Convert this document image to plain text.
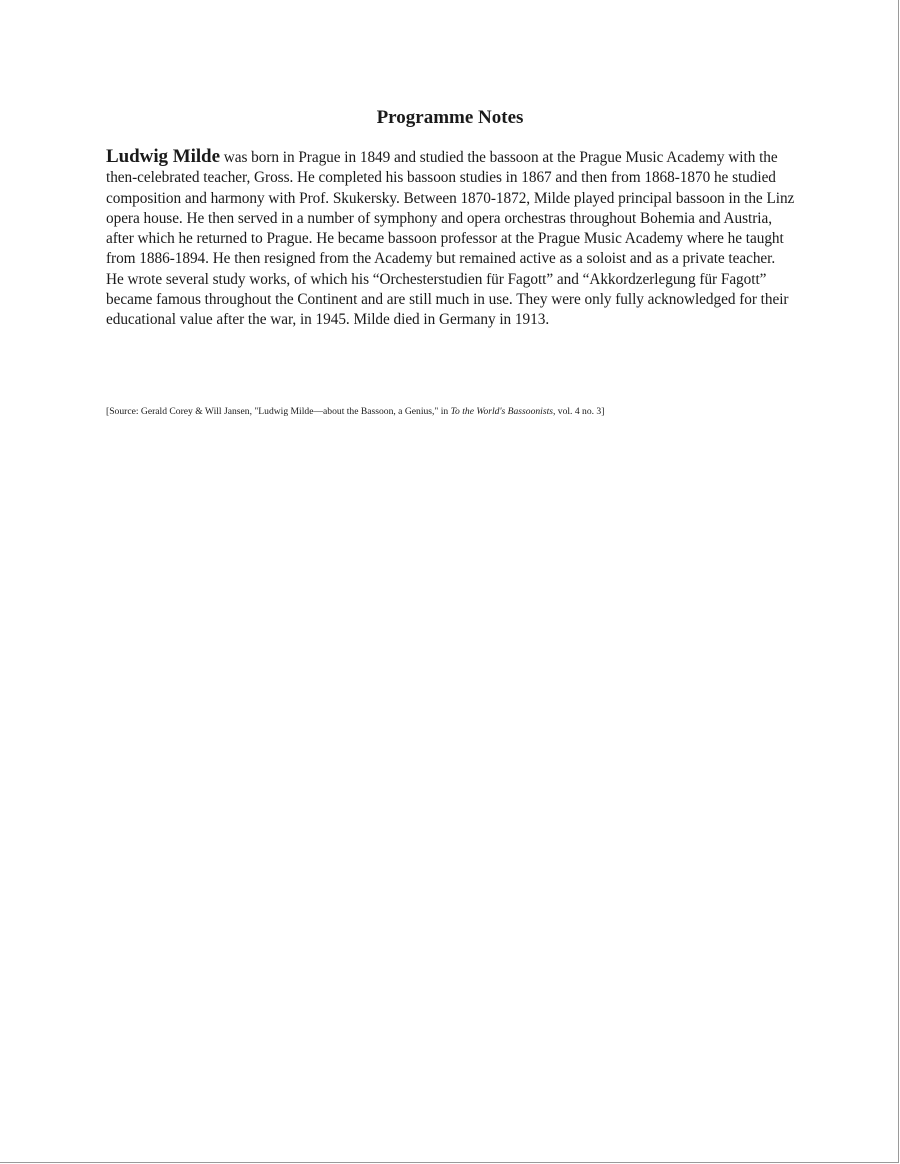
Programme Notes

Ludwig Milde was born in Prague in 1849 and studied the bassoon at the Prague Music Academy with the then-celebrated teacher, Gross. He completed his bassoon studies in 1867 and then from 1868-1870 he studied composition and harmony with Prof. Skukersky. Between 1870-1872, Milde played principal bassoon in the Linz opera house. He then served in a number of symphony and opera orchestras throughout Bohemia and Austria, after which he returned to Prague. He became bassoon professor at the Prague Music Academy where he taught from 1886-1894. He then resigned from the Academy but remained active as a soloist and as a private teacher. He wrote several study works, of which his “Orchesterstudien für Fagott” and “Akkordzerlegung für Fagott” became famous throughout the Continent and are still much in use. They were only fully acknowledged for their educational value after the war, in 1945. Milde died in Germany in 1913.

[Source: Gerald Corey & Will Jansen, "Ludwig Milde—about the Bassoon, a Genius," in To the World's Bassoonists, vol. 4 no. 3]
